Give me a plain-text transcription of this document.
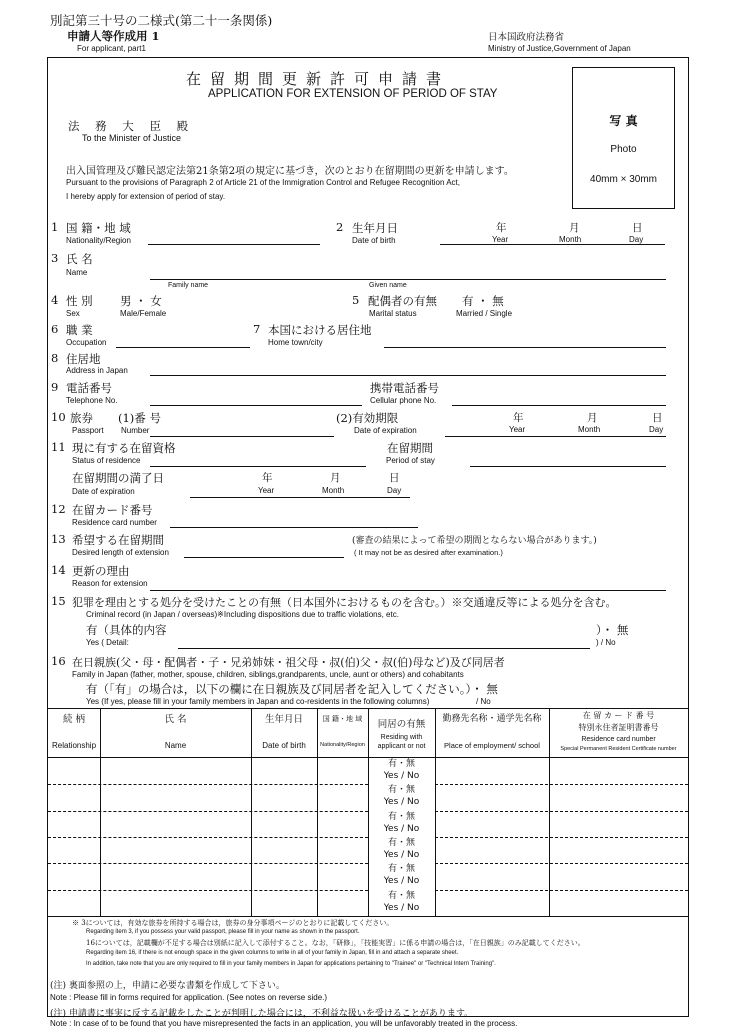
別記第三十号の二様式(第二十一条関係)
申請人等作成用 1
For applicant, part1
日本国政府法務省
Ministry of Justice,Government of Japan
在留期間更新許可申請書
APPLICATION FOR EXTENSION OF PERIOD OF STAY
写 真
Photo
40mm × 30mm
法 務 大 臣 殿
To the Minister of Justice
出入国管理及び難民認定法第21条第2項の規定に基づき，次のとおり在留期間の更新を申請します。
Pursuant to the provisions of Paragraph 2 of Article 21 of the Immigration Control and Refugee Recognition Act,
I hereby apply for extension of period of stay.
1 国 籍・地 域
Nationality/Region
2 生年月日
Date of birth
年
Year
月
Month
日
Day
3 氏 名
Name
Family name	Given name
4 性 別
Sex
男 ・ 女
Male/Female
5 配偶者の有無
Marital status
有 ・ 無
Married / Single
6 職 業
Occupation
7 本国における居住地
Home town/city
8 住居地
Address in Japan
9 電話番号
Telephone No.
携帯電話番号
Cellular phone No.
10 旅券
Passport
(1)番 号
Number
(2)有効期限
Date of expiration
年
Year
月
Month
日
Day
11 現に有する在留資格
Status of residence
在留期間
Period of stay
在留期間の満了日
Date of expiration
年
Year
月
Month
日
Day
12 在留カード番号
Residence card number
13 希望する在留期間
Desired length of extension
(審査の結果によって希望の期間とならない場合があります。)
( It may not be as desired after examination.)
14 更新の理由
Reason for extension
15 犯罪を理由とする処分を受けたことの有無（日本国外におけるものを含む。）※交通違反等による処分を含む。
Criminal record (in Japan / overseas)※Including dispositions due to traffic violations, etc.
有（具体的内容
Yes ( Detail:
）・ 無
) / No
16 在日親族(父・母・配偶者・子・兄弟姉妹・祖父母・叔(伯)父・叔(伯)母など)及び同居者
Family in Japan (father, mother, spouse, children, siblings,grandparents, uncle, aunt or others) and cohabitants
有（「有」の場合は，以下の欄に在日親族及び同居者を記入してください。）・ 無
Yes (If yes, please fill in your family members in Japan and co-residents in the following columns)	/ No
続 柄
Relationship
氏 名
Name
生年月日
Date of birth
国 籍・地 域
Nationality/Region
同居の有無
Residing with applicant or not
勤務先名称・通学先名称
Place of employment/ school
在 留 カ ー ド 番 号
特別永住者証明書番号
Residence card number
Special Permanent Resident Certificate number
有・無
Yes / No
有・無
Yes / No
有・無
Yes / No
有・無
Yes / No
有・無
Yes / No
有・無
Yes / No
※ 3については，有効な旅券を所持する場合は，旅券の身分事項ページのとおりに記載してください。
Regarding item 3, if you possess your valid passport, please fill in your name as shown in the passport.
16については，記載欄が不足する場合は別紙に記入して添付すること。なお，「研修」，「技能実習」に係る申請の場合は，「在日親族」のみ記載してください。
Regarding item 16, if there is not enough space in the given columns to write in all of your family in Japan, fill in and attach a separate sheet.
In addition, take note that you are only required to fill in your family members in Japan for applications pertaining to "Trainee" or "Technical Intern Training".
(注) 裏面参照の上，申請に必要な書類を作成して下さい。
Note : Please fill in forms required for application. (See notes on reverse side.)
(注) 申請書に事実に反する記載をしたことが判明した場合には，不利益な扱いを受けることがあります。
Note : In case of to be found that you have misrepresented the facts in an application, you will be unfavorably treated in the process.
